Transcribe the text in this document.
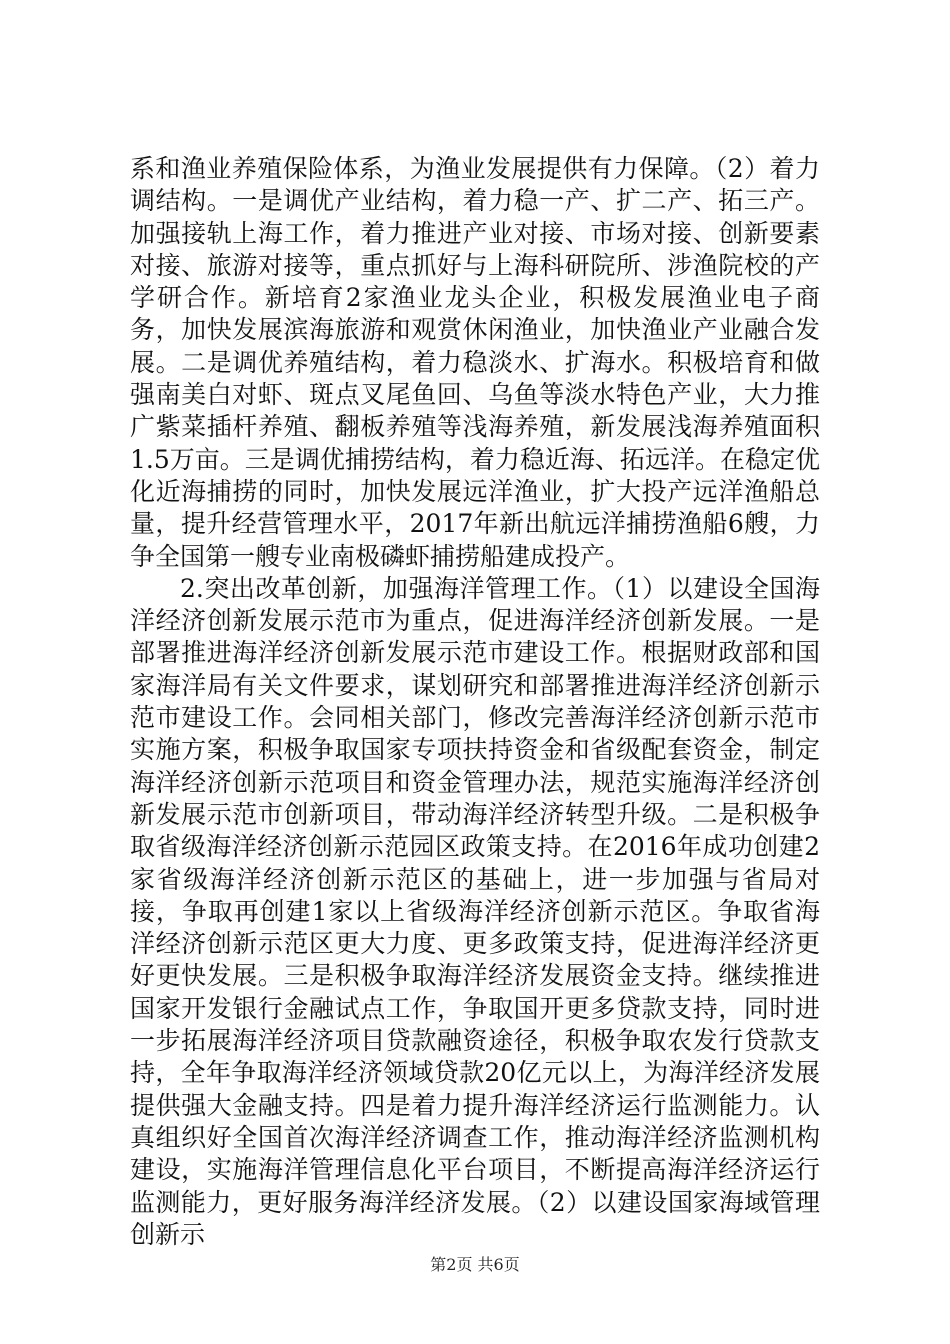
系和渔业养殖保险体系，为渔业发展提供有力保障。（2）着力调结构。一是调优产业结构，着力稳一产、扩二产、拓三产。加强接轨上海工作，着力推进产业对接、市场对接、创新要素对接、旅游对接等，重点抓好与上海科研院所、涉渔院校的产学研合作。新培育2家渔业龙头企业，积极发展渔业电子商务，加快发展滨海旅游和观赏休闲渔业，加快渔业产业融合发展。二是调优养殖结构，着力稳淡水、扩海水。积极培育和做强南美白对虾、斑点叉尾鱼回、乌鱼等淡水特色产业，大力推广紫菜插杆养殖、翻板养殖等浅海养殖，新发展浅海养殖面积1.5万亩。三是调优捕捞结构，着力稳近海、拓远洋。在稳定优化近海捕捞的同时，加快发展远洋渔业，扩大投产远洋渔船总量，提升经营管理水平，2017年新出航远洋捕捞渔船6艘，力争全国第一艘专业南极磷虾捕捞船建成投产。

2.突出改革创新，加强海洋管理工作。（1）以建设全国海洋经济创新发展示范市为重点，促进海洋经济创新发展。一是部署推进海洋经济创新发展示范市建设工作。根据财政部和国家海洋局有关文件要求，谋划研究和部署推进海洋经济创新示范市建设工作。会同相关部门，修改完善海洋经济创新示范市实施方案，积极争取国家专项扶持资金和省级配套资金，制定海洋经济创新示范项目和资金管理办法，规范实施海洋经济创新发展示范市创新项目，带动海洋经济转型升级。二是积极争取省级海洋经济创新示范园区政策支持。在2016年成功创建2家省级海洋经济创新示范区的基础上，进一步加强与省局对接，争取再创建1家以上省级海洋经济创新示范区。争取省海洋经济创新示范区更大力度、更多政策支持，促进海洋经济更好更快发展。三是积极争取海洋经济发展资金支持。继续推进国家开发银行金融试点工作，争取国开更多贷款支持，同时进一步拓展海洋经济项目贷款融资途径，积极争取农发行贷款支持，全年争取海洋经济领域贷款20亿元以上，为海洋经济发展提供强大金融支持。四是着力提升海洋经济运行监测能力。认真组织好全国首次海洋经济调查工作，推动海洋经济监测机构建设，实施海洋管理信息化平台项目，不断提高海洋经济运行监测能力，更好服务海洋经济发展。（2）以建设国家海域管理创新示

第2页 共6页
